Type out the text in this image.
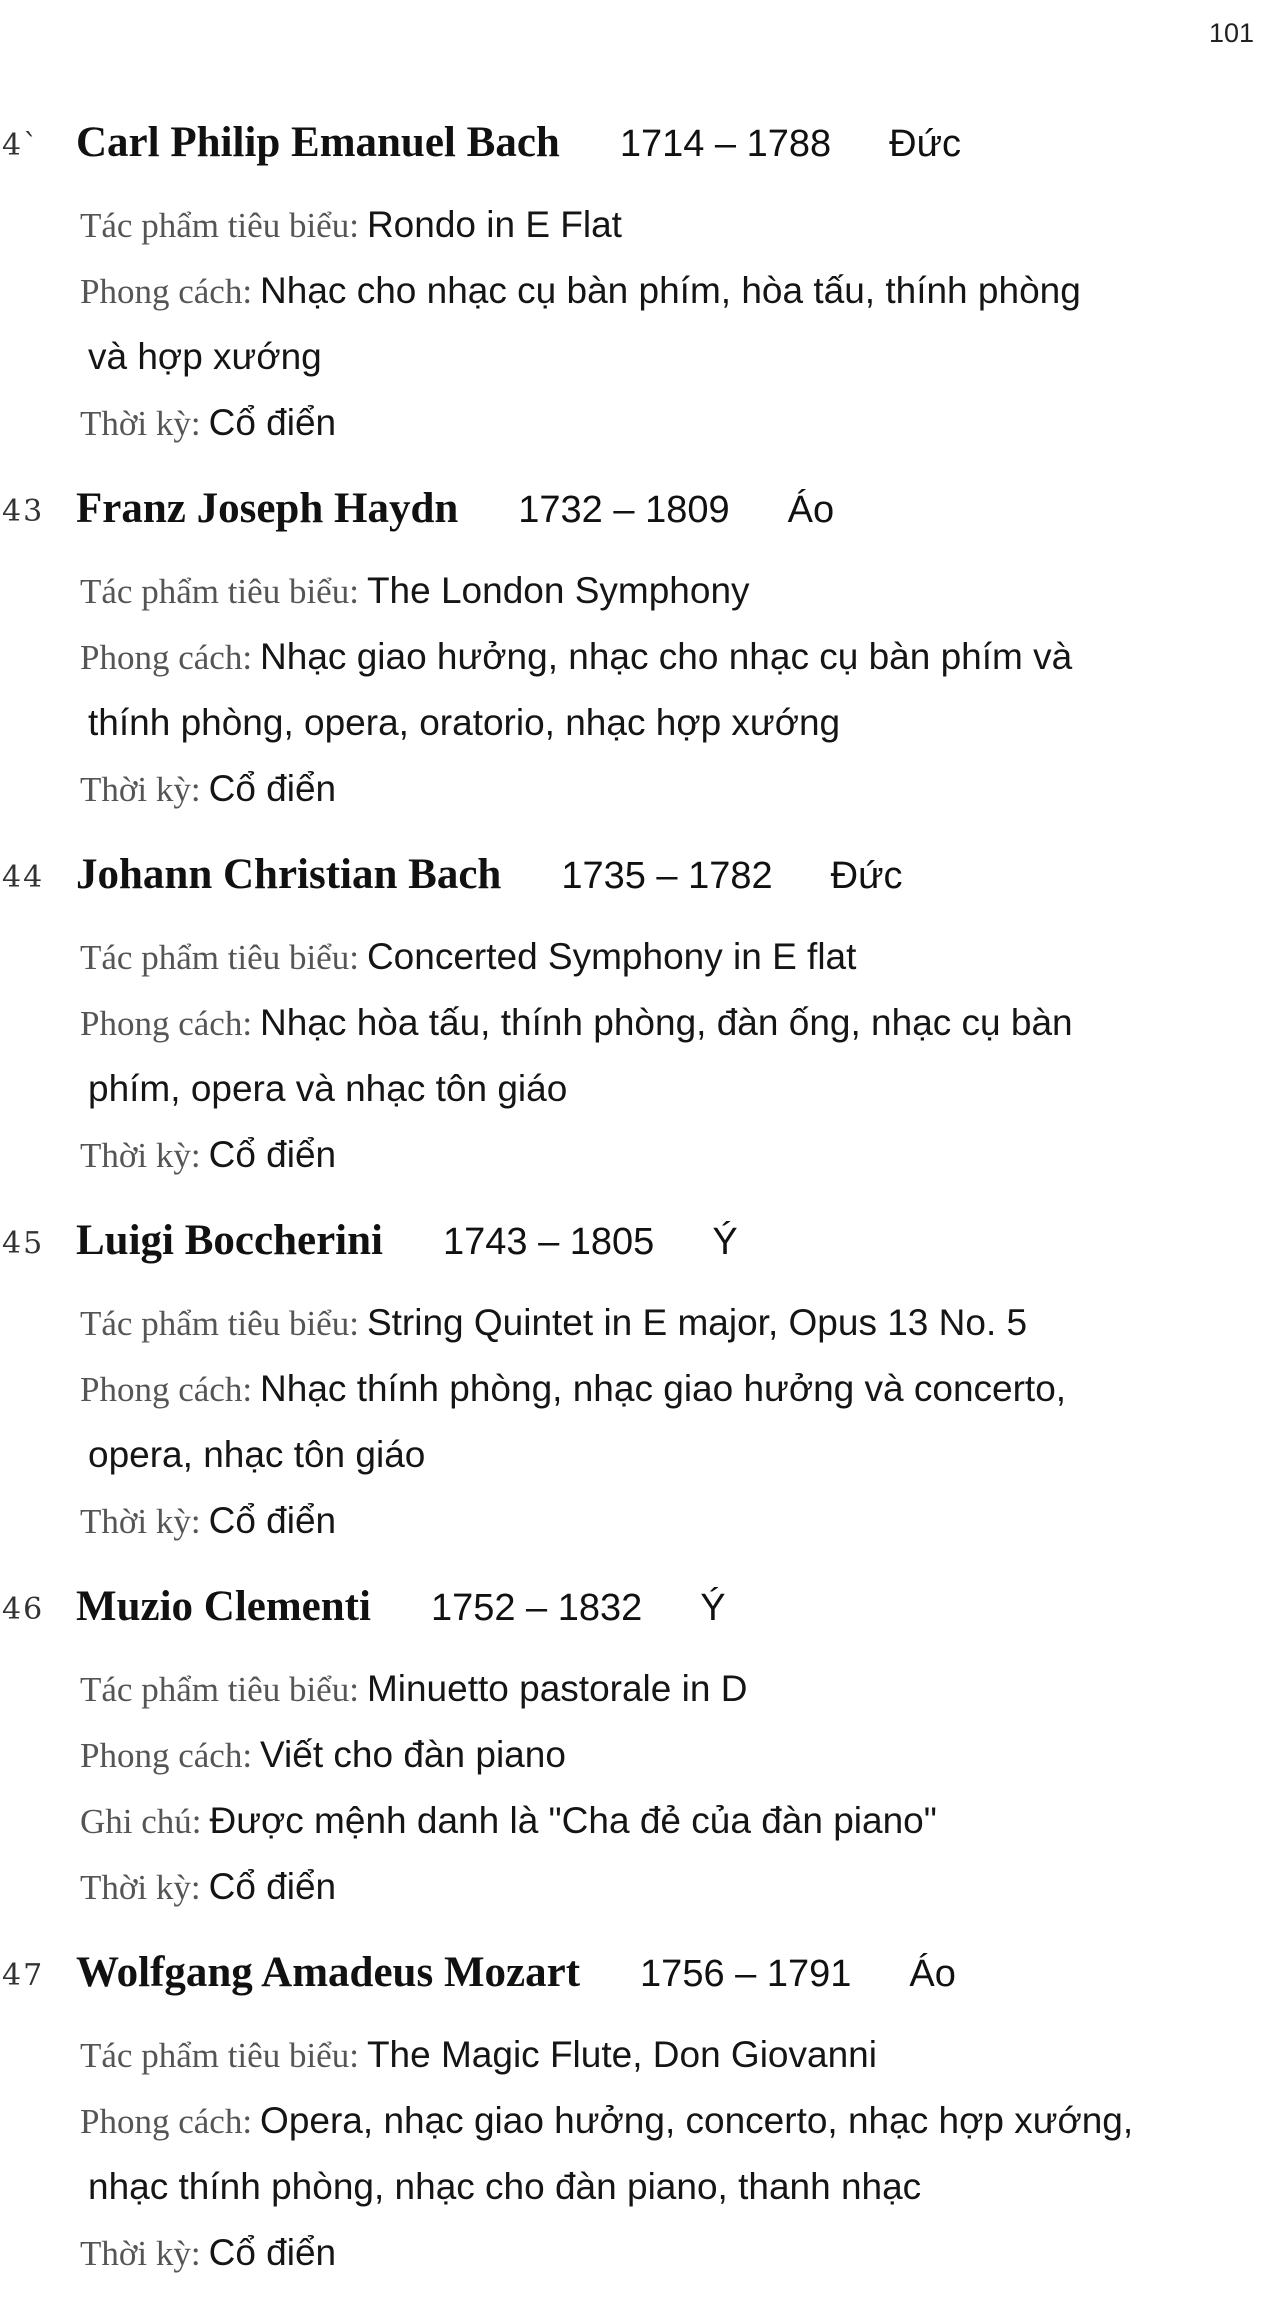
101
4` Carl Philip Emanuel Bach 1714 – 1788 Đức
Tác phẩm tiêu biểu: Rondo in E Flat
Phong cách: Nhạc cho nhạc cụ bàn phím, hòa tấu, thính phòng
và hợp xướng
Thời kỳ: Cổ điển
43 Franz Joseph Haydn 1732 – 1809 Áo
Tác phẩm tiêu biểu: The London Symphony
Phong cách: Nhạc giao hưởng, nhạc cho nhạc cụ bàn phím và
thính phòng, opera, oratorio, nhạc hợp xướng
Thời kỳ: Cổ điển
44 Johann Christian Bach 1735 – 1782 Đức
Tác phẩm tiêu biểu: Concerted Symphony in E flat
Phong cách: Nhạc hòa tấu, thính phòng, đàn ống, nhạc cụ bàn
phím, opera và nhạc tôn giáo
Thời kỳ: Cổ điển
45 Luigi Boccherini 1743 – 1805 Ý
Tác phẩm tiêu biểu: String Quintet in E major, Opus 13 No. 5
Phong cách: Nhạc thính phòng, nhạc giao hưởng và concerto,
opera, nhạc tôn giáo
Thời kỳ: Cổ điển
46 Muzio Clementi 1752 – 1832 Ý
Tác phẩm tiêu biểu: Minuetto pastorale in D
Phong cách: Viết cho đàn piano
Ghi chú: Được mệnh danh là "Cha đẻ của đàn piano"
Thời kỳ: Cổ điển
47 Wolfgang Amadeus Mozart 1756 – 1791 Áo
Tác phẩm tiêu biểu: The Magic Flute, Don Giovanni
Phong cách: Opera, nhạc giao hưởng, concerto, nhạc hợp xướng,
nhạc thính phòng, nhạc cho đàn piano, thanh nhạc
Thời kỳ: Cổ điển
